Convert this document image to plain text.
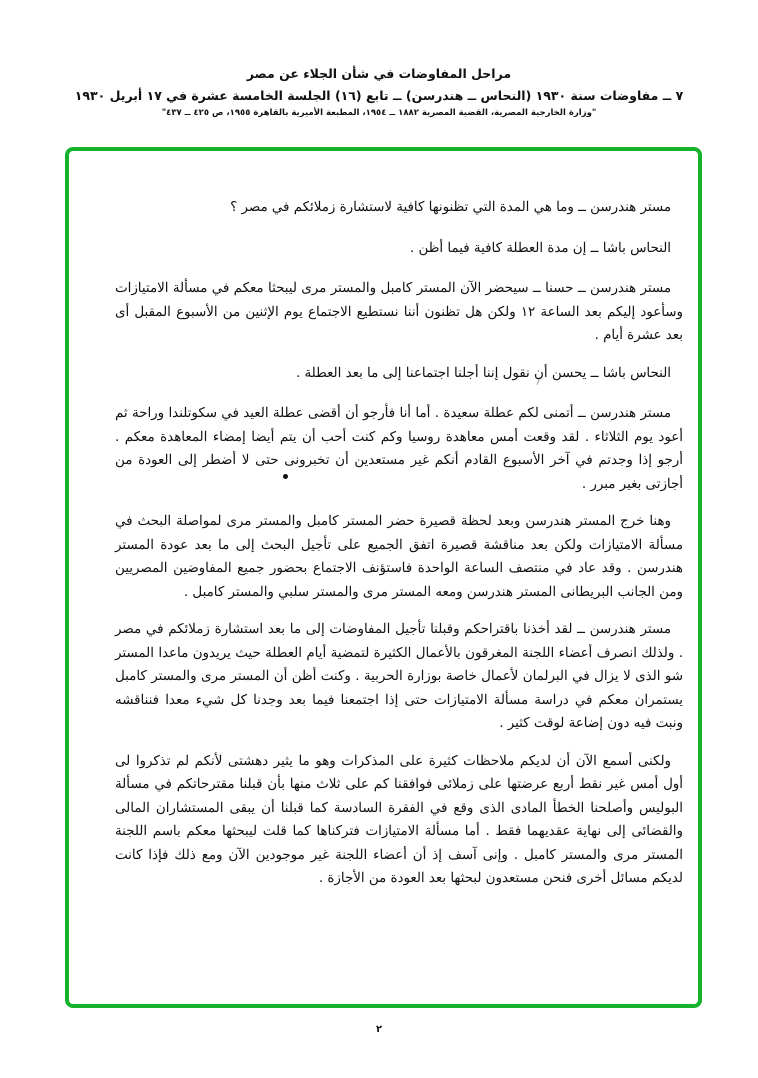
مراحل المفاوضات في شأن الجلاء عن مصر
٧ ــ مفاوضات سنة ١٩٣٠ (النحاس ــ هندرسن) ــ تابع (١٦) الجلسة الخامسة عشرة في ١٧ أبريل ١٩٣٠
"وزارة الخارجية المصرية، القضية المصرية ١٨٨٢ ــ ١٩٥٤، المطبعة الأميرية بالقاهرة ١٩٥٥، ص ٤٢٥ ــ ٤٣٧"

مستر هندرسن ــ وما هي المدة التي تظنونها كافية لاستشارة زملائكم في مصر ؟

النحاس باشا ــ إن مدة العطلة كافية فيما أظن .

مستر هندرسن ــ حسنا ــ سيحضر الآن المستر كامبل والمستر مرى ليبحثا معكم في مسألة الامتيازات وسأعود إليكم بعد الساعة ١٢ ولكن هل تظنون أننا نستطيع الاجتماع يوم الإثنين من الأسبوع المقبل أى بعد عشرة أيام .

النحاس باشا ــ يحسن أن نقول إننا أجلنا اجتماعنا إلى ما بعد العطلة .

مستر هندرسن ــ أتمنى لكم عطلة سعيدة . أما أنا فأرجو أن أقضى عطلة العيد في سكوتلندا وراحة ثم أعود يوم الثلاثاء . لقد وقعت أمس معاهدة روسيا وكم كنت أحب أن يتم أيضا إمضاء المعاهدة معكم . أرجو إذا وجدتم في آخر الأسبوع القادم أنكم غير مستعدين أن تخبرونى حتى لا أضطر إلى العودة من أجازتى بغير مبرر .

وهنا خرج المستر هندرسن وبعد لحظة قصيرة حضر المستر كامبل والمستر مرى لمواصلة البحث في مسألة الامتيازات ولكن بعد مناقشة قصيرة اتفق الجميع على تأجيل البحث إلى ما بعد عودة المستر هندرسن . وقد عاد في منتصف الساعة الواحدة فاستؤنف الاجتماع بحضور جميع المفاوضين المصريين ومن الجانب البريطانى المستر هندرسن ومعه المستر مرى والمستر سلبي والمستر كامبل .

مستر هندرسن ــ لقد أخذنا باقتراحكم وقبلنا تأجيل المفاوضات إلى ما بعد استشارة زملائكم في مصر . ولذلك انصرف أعضاء اللجنة المغرقون بالأعمال الكثيرة لتمضية أيام العطلة حيث يريدون ماعدا المستر شو الذى لا يزال في البرلمان لأعمال خاصة بوزارة الحربية . وكنت أظن أن المستر مرى والمستر كامبل يستمران معكم في دراسة مسألة الامتيازات حتى إذا اجتمعنا فيما بعد وجدنا كل شيء معدا فنناقشه ونبت فيه دون إضاعة لوقت كثير .

ولكنى أسمع الآن أن لديكم ملاحظات كثيرة على المذكرات وهو ما يثير دهشتى لأنكم لم تذكروا لى أول أمس غير نقط أربع عرضتها على زملائى فوافقنا كم على ثلاث منها بأن قبلنا مقترحاتكم في مسألة البوليس وأصلحنا الخطأ المادى الذى وقع في الفقرة السادسة كما قبلنا أن يبقى المستشاران المالى والقضائى إلى نهاية عقديهما فقط . أما مسألة الامتيازات فتركناها كما قلت ليبحثها معكم باسم اللجنة المستر مرى والمستر كامبل . وإنى آسف إذ أن أعضاء اللجنة غير موجودين الآن ومع ذلك فإذا كانت لديكم مسائل أخرى فنحن مستعدون لبحثها بعد العودة من الأجازة .

٢
